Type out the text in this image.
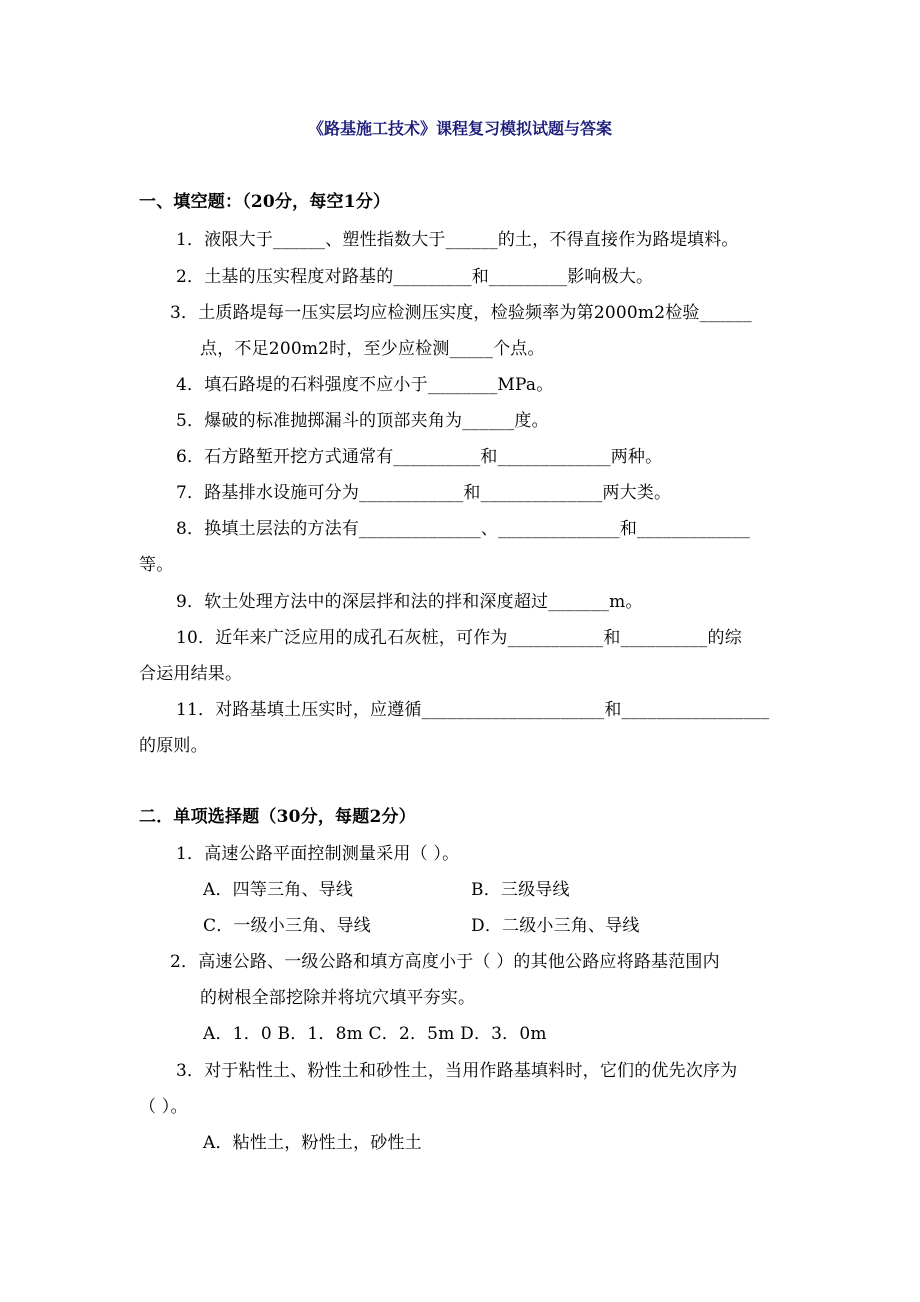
《路基施工技术》课程复习模拟试题与答案
一、填空题：（20分，每空1分）
1．液限大于______、塑性指数大于______的土，不得直接作为路堤填料。
2．土基的压实程度对路基的_________和_________影响极大。
3．土质路堤每一压实层均应检测压实度，检验频率为第2000m2检验______
点，不足200m2时，至少应检测_____个点。
4．填石路堤的石料强度不应小于________MPa。
5．爆破的标准抛掷漏斗的顶部夹角为______度。
6．石方路堑开挖方式通常有__________和_____________两种。
7．路基排水设施可分为____________和______________两大类。
8．换填土层法的方法有______________、______________和_____________
等。
9．软土处理方法中的深层拌和法的拌和深度超过_______m。
10．近年来广泛应用的成孔石灰桩，可作为___________和__________的综
合运用结果。
11．对路基填土压实时，应遵循_____________________和_________________
的原则。
二．单项选择题（30分，每题2分）
1．高速公路平面控制测量采用（ ）。
A．四等三角、导线	B．三级导线
C．一级小三角、导线	D．二级小三角、导线
2．高速公路、一级公路和填方高度小于（ ）的其他公路应将路基范围内
的树根全部挖除并将坑穴填平夯实。
A．1．0 B．1．8m C．2．5m D．3．0m
3．对于粘性土、粉性土和砂性土，当用作路基填料时，它们的优先次序为
（ ）。
A．粘性土，粉性土，砂性土
